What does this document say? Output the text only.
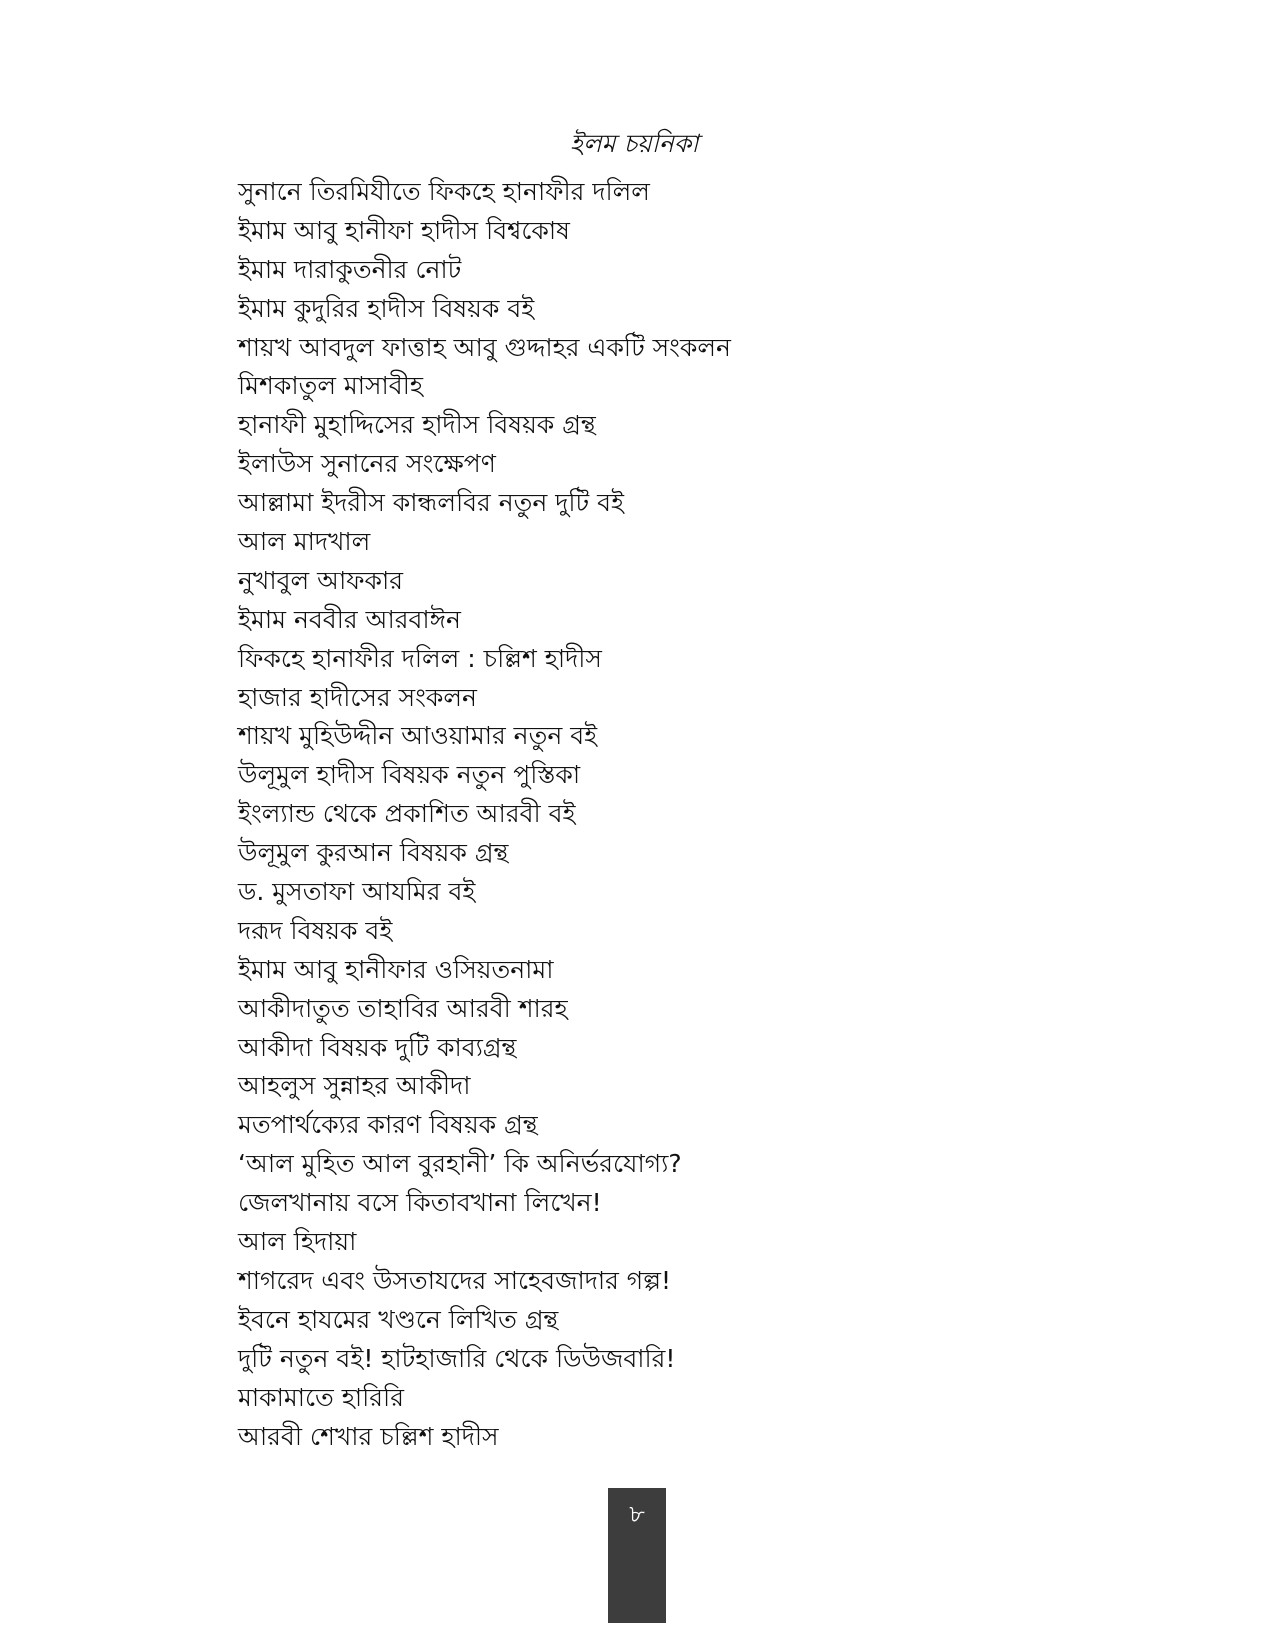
ইলম চয়নিকা
সুনানে তিরমিযীতে ফিকহে হানাফীর দলিল
ইমাম আবু হানীফা হাদীস বিশ্বকোষ
ইমাম দারাকুতনীর নোট
ইমাম কুদুরির হাদীস বিষয়ক বই
শায়খ আবদুল ফাত্তাহ আবু গুদ্দাহর একটি সংকলন
মিশকাতুল মাসাবীহ
হানাফী মুহাদ্দিসের হাদীস বিষয়ক গ্রন্থ
ইলাউস সুনানের সংক্ষেপণ
আল্লামা ইদরীস কান্ধলবির নতুন দুটি বই
আল মাদখাল
নুখাবুল আফকার
ইমাম নববীর আরবাঈন
ফিকহে হানাফীর দলিল : চল্লিশ হাদীস
হাজার হাদীসের সংকলন
শায়খ মুহিউদ্দীন আওয়ামার নতুন বই
উলূমুল হাদীস বিষয়ক নতুন পুস্তিকা
ইংল্যান্ড থেকে প্রকাশিত আরবী বই
উলূমুল কুরআন বিষয়ক গ্রন্থ
ড. মুসতাফা আযমির বই
দরূদ বিষয়ক বই
ইমাম আবু হানীফার ওসিয়তনামা
আকীদাতুত তাহাবির আরবী শারহ
আকীদা বিষয়ক দুটি কাব্যগ্রন্থ
আহলুস সুন্নাহর আকীদা
মতপার্থক্যের কারণ বিষয়ক গ্রন্থ
‘আল মুহিত আল বুরহানী’ কি অনির্ভরযোগ্য?
জেলখানায় বসে কিতাবখানা লিখেন!
আল হিদায়া
শাগরেদ এবং উসতাযদের সাহেবজাদার গল্প!
ইবনে হাযমের খণ্ডনে লিখিত গ্রন্থ
দুটি নতুন বই! হাটহাজারি থেকে ডিউজবারি!
মাকামাতে হারিরি
আরবী শেখার চল্লিশ হাদীস
৮
